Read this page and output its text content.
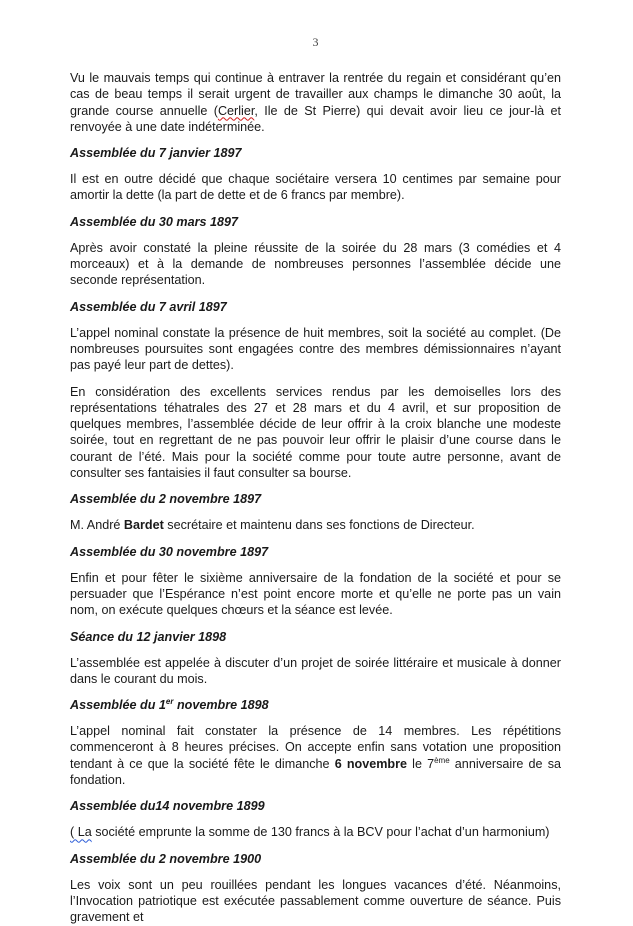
3

Vu le mauvais temps qui continue à entraver la rentrée du regain et considérant qu’en cas de beau temps il serait urgent de travailler aux champs le dimanche 30 août, la grande course annuelle (Cerlier, Ile de St Pierre) qui devait avoir lieu ce jour-là et renvoyée à une date indéterminée.

Assemblée du 7 janvier 1897

Il est en outre décidé que chaque sociétaire versera 10 centimes par semaine pour amortir la dette (la part de dette et de 6 francs par membre).

Assemblée du 30 mars 1897

Après avoir constaté la pleine réussite de la soirée du 28 mars (3 comédies et 4 morceaux) et à la demande de nombreuses personnes l’assemblée décide une seconde représentation.

Assemblée du 7 avril 1897

L’appel nominal constate la présence de huit membres, soit la société au complet. (De nombreuses poursuites sont engagées contre des membres démissionnaires n’ayant pas payé leur part de dettes).

En considération des excellents services rendus par les demoiselles lors des représentations téhatrales des 27 et 28 mars et du 4 avril, et sur proposition de quelques membres, l’assemblée décide de leur offrir à la croix blanche une modeste soirée, tout en regrettant de ne pas pouvoir leur offrir le plaisir d’une course dans le courant de l’été. Mais pour la société comme pour toute autre personne, avant de consulter ses fantaisies il faut consulter sa bourse.

Assemblée du 2 novembre 1897

M. André Bardet secrétaire et maintenu dans ses fonctions de Directeur.

Assemblée du 30 novembre 1897

Enfin et pour fêter le sixième anniversaire de la fondation de la société et pour se persuader que l’Espérance n’est point encore morte et qu’elle ne porte pas un vain nom, on exécute quelques chœurs et la séance est levée.

Séance du 12 janvier 1898

L’assemblée est appelée à discuter d’un projet de soirée littéraire et musicale à donner dans le courant du mois.

Assemblée du 1er novembre 1898

L’appel nominal fait constater la présence de 14 membres. Les répétitions commenceront à 8 heures précises. On accepte enfin sans votation une proposition tendant à ce que la société fête le dimanche 6 novembre le 7ème anniversaire de sa fondation.

Assemblée du14 novembre 1899

( La société emprunte la somme de 130 francs à la BCV pour l’achat d’un harmonium)

Assemblée du 2 novembre 1900

Les voix sont un peu rouillées pendant les longues vacances d’été. Néanmoins, l’Invocation patriotique est exécutée passablement comme ouverture de séance. Puis gravement et
